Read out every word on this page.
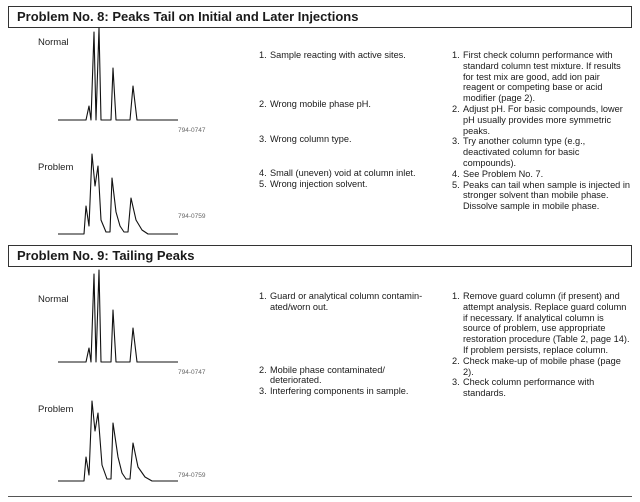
Problem No. 8: Peaks Tail on Initial and Later Injections
Normal
794-0747
Problem
794-0759
1. Sample reacting with active sites.
2. Wrong mobile phase pH.
3. Wrong column type.
4. Small (uneven) void at column inlet.
5. Wrong injection solvent.
1. First check column performance with standard column test mixture. If results for test mix are good, add ion pair reagent or competing base or acid modifier (page 2).
2. Adjust pH. For basic compounds, lower pH usually provides more symmetric peaks.
3. Try another column type (e.g., deactivated column for basic compounds).
4. See Problem No. 7.
5. Peaks can tail when sample is injected in stronger solvent than mobile phase. Dissolve sample in mobile phase.
Problem No. 9: Tailing Peaks
Normal
794-0747
Problem
794-0759
1. Guard or analytical column contamin-ated/worn out.
2. Mobile phase contaminated/ deteriorated.
3. Interfering components in sample.
1. Remove guard column (if present) and attempt analysis. Replace guard column if necessary. If analytical column is source of problem, use appropriate restoration procedure (Table 2, page 14). If problem persists, replace column.
2. Check make-up of mobile phase (page 2).
3. Check column performance with standards.
